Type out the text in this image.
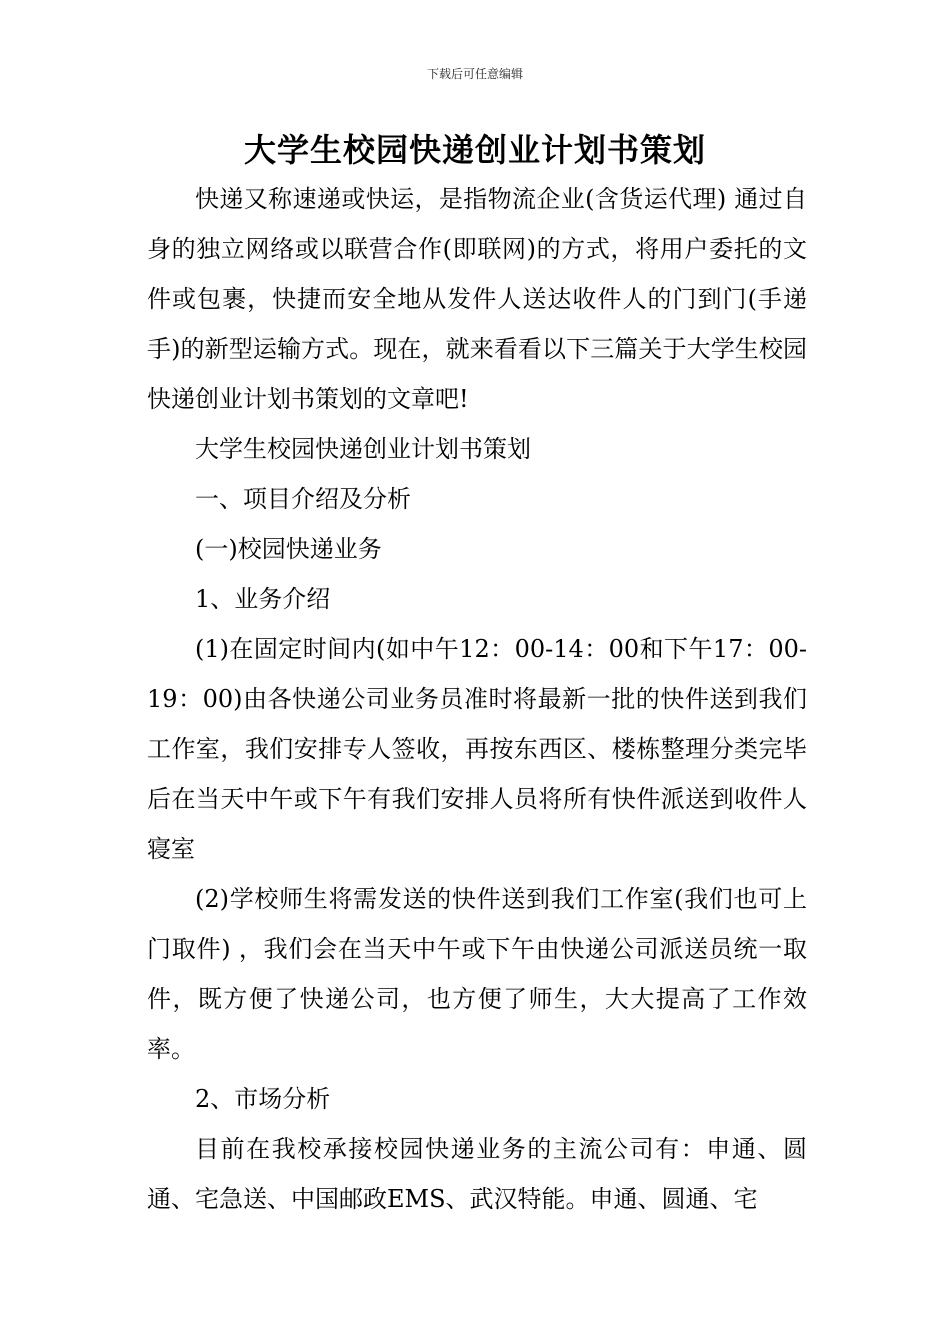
下载后可任意编辑
大学生校园快递创业计划书策划

快递又称速递或快运，是指物流企业(含货运代理) 通过自身的独立网络或以联营合作(即联网)的方式，将用户委托的文件或包裹，快捷而安全地从发件人送达收件人的门到门(手递手)的新型运输方式。现在，就来看看以下三篇关于大学生校园快递创业计划书策划的文章吧!

大学生校园快递创业计划书策划

一、项目介绍及分析

(一)校园快递业务

1、业务介绍

(1)在固定时间内(如中午12：00-14：00和下午17：00-19：00)由各快递公司业务员准时将最新一批的快件送到我们工作室，我们安排专人签收，再按东西区、楼栋整理分类完毕后在当天中午或下午有我们安排人员将所有快件派送到收件人寝室

(2)学校师生将需发送的快件送到我们工作室(我们也可上门取件) ，我们会在当天中午或下午由快递公司派送员统一取件，既方便了快递公司，也方便了师生，大大提高了工作效率。

2、市场分析

目前在我校承接校园快递业务的主流公司有：申通、圆通、宅急送、中国邮政EMS、武汉特能。申通、圆通、宅
